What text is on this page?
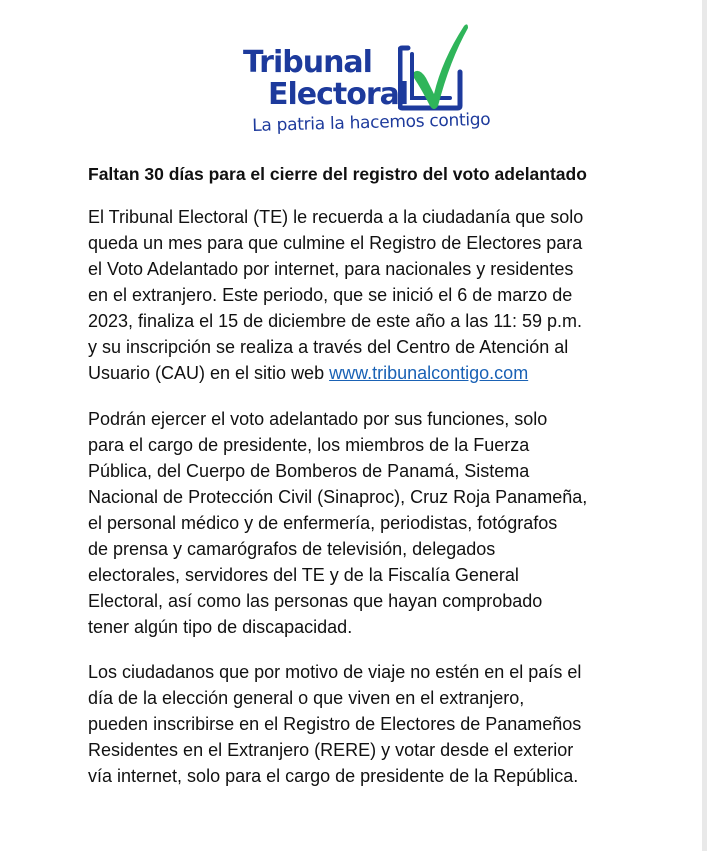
Tribunal
Electoral
La patria la hacemos contigo
Faltan 30 días para el cierre del registro del voto adelantado

El Tribunal Electoral (TE) le recuerda a la ciudadanía que solo
queda un mes para que culmine el Registro de Electores para
el Voto Adelantado por internet, para nacionales y residentes
en el extranjero. Este periodo, que se inició el 6 de marzo de
2023, finaliza el 15 de diciembre de este año a las 11: 59 p.m.
y su inscripción se realiza a través del Centro de Atención al
Usuario (CAU) en el sitio web www.tribunalcontigo.com

Podrán ejercer el voto adelantado por sus funciones, solo
para el cargo de presidente, los miembros de la Fuerza
Pública, del Cuerpo de Bomberos de Panamá, Sistema
Nacional de Protección Civil (Sinaproc), Cruz Roja Panameña,
el personal médico y de enfermería, periodistas, fotógrafos
de prensa y camarógrafos de televisión, delegados
electorales, servidores del TE y de la Fiscalía General
Electoral, así como las personas que hayan comprobado
tener algún tipo de discapacidad.

Los ciudadanos que por motivo de viaje no estén en el país el
día de la elección general o que viven en el extranjero,
pueden inscribirse en el Registro de Electores de Panameños
Residentes en el Extranjero (RERE) y votar desde el exterior
vía internet, solo para el cargo de presidente de la República.
